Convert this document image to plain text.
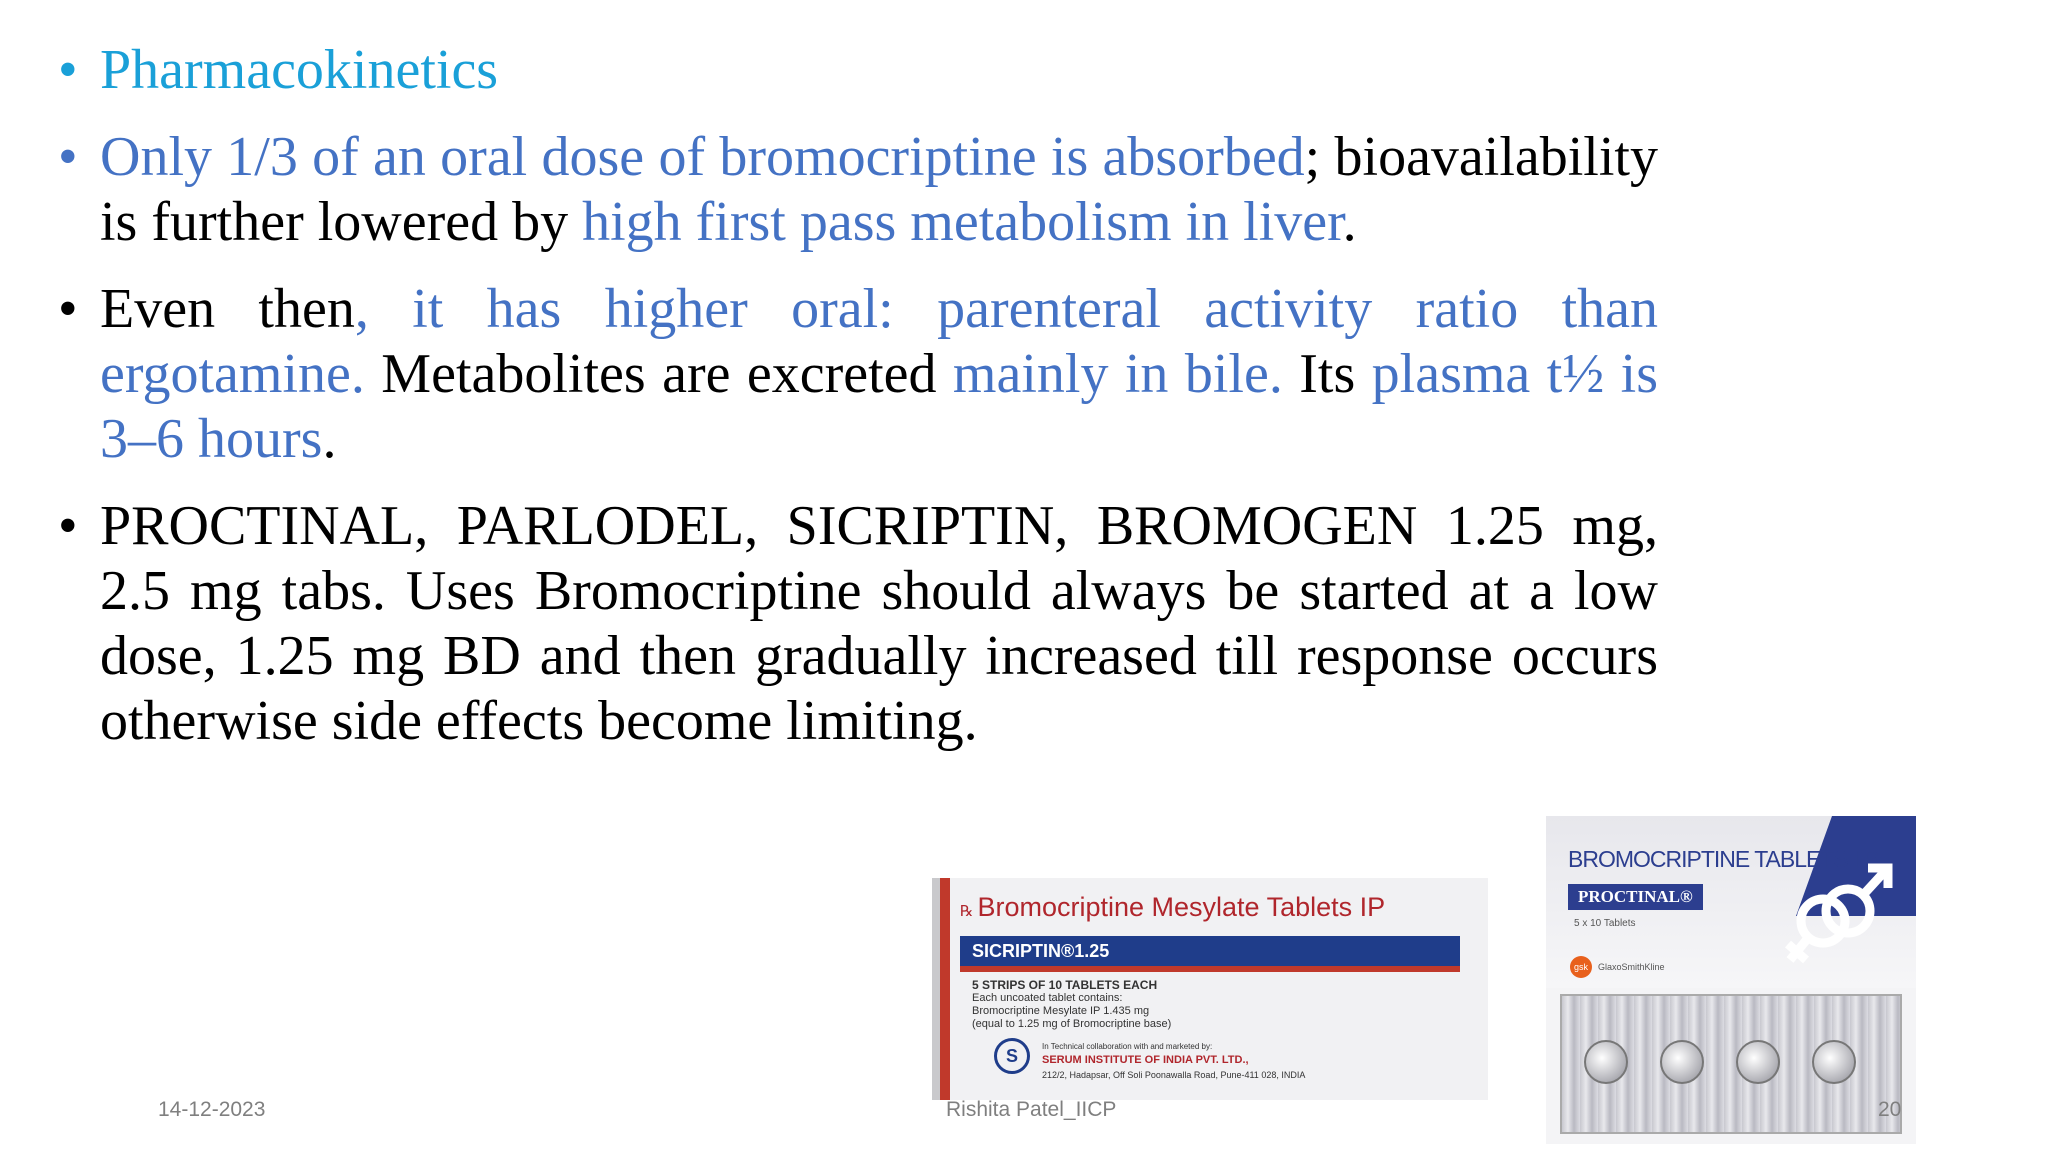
• Pharmacokinetics
• Only 1/3 of an oral dose of bromocriptine is absorbed; bioavailability is further lowered by high first pass metabolism in liver.
• Even then, it has higher oral: parenteral activity ratio than ergotamine. Metabolites are excreted mainly in bile. Its plasma t½ is 3–6 hours.
• PROCTINAL, PARLODEL, SICRIPTIN, BROMOGEN 1.25 mg, 2.5 mg tabs. Uses Bromocriptine should always be started at a low dose, 1.25 mg BD and then gradually increased till response occurs otherwise side effects become limiting.
℞ Bromocriptine Mesylate Tablets IP
SICRIPTIN®1.25
5 STRIPS OF 10 TABLETS EACH
Each uncoated tablet contains:
Bromocriptine Mesylate IP 1.435 mg
(equal to 1.25 mg of Bromocriptine base)
In Technical collaboration with and marketed by:
S	SERUM INSTITUTE OF INDIA PVT. LTD.,
212/2, Hadapsar, Off Soli Poonawalla Road, Pune-411 028, INDIA
BROMOCRIPTINE TABLETS I.P
PROCTINAL®
5 x 10 Tablets
gsk	GlaxoSmithKline
14-12-2023	Rishita Patel_IICP	20
